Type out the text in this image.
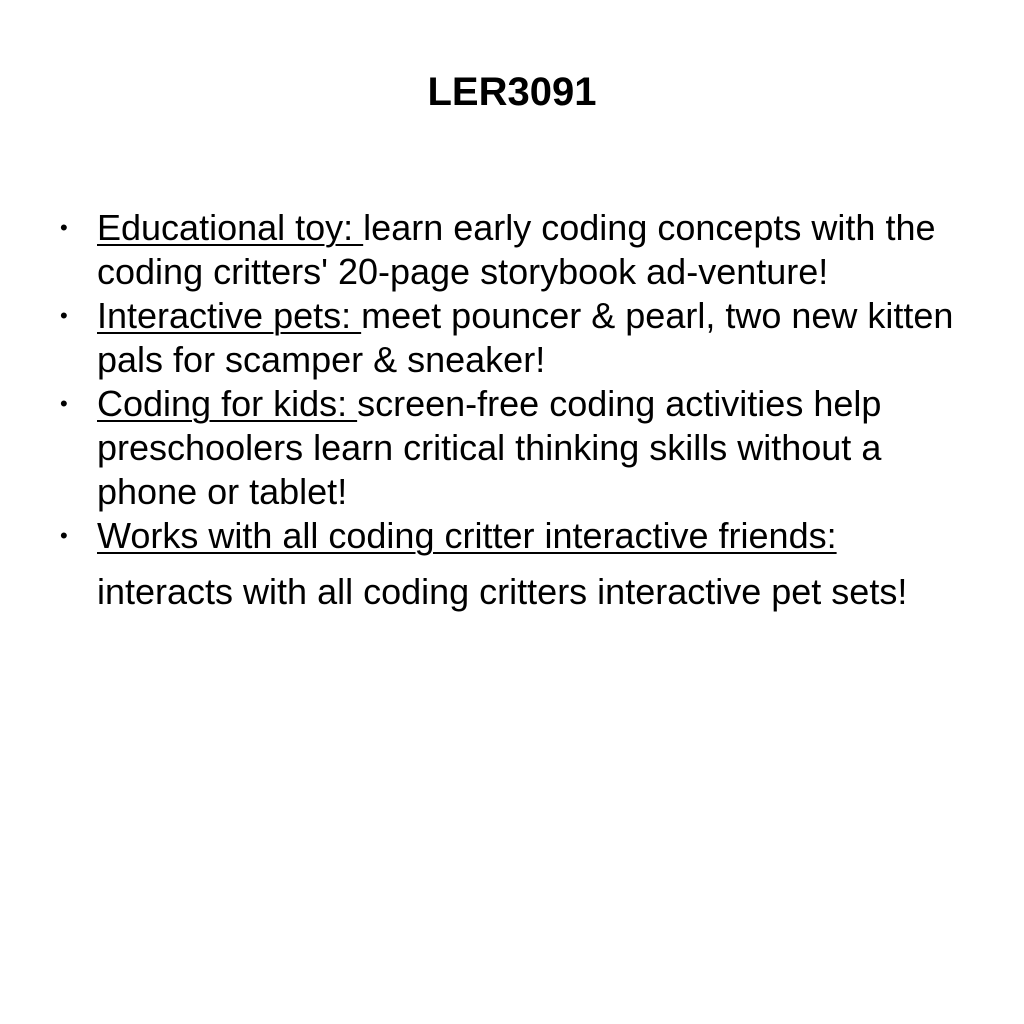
LER3091
• Educational toy: learn early coding concepts with the coding critters' 20-page storybook ad-venture!
• Interactive pets: meet pouncer & pearl, two new kitten pals for scamper & sneaker!
• Coding for kids: screen-free coding activities help preschoolers learn critical thinking skills without a phone or tablet!
• Works with all coding critter interactive friends:
interacts with all coding critters interactive pet sets!
